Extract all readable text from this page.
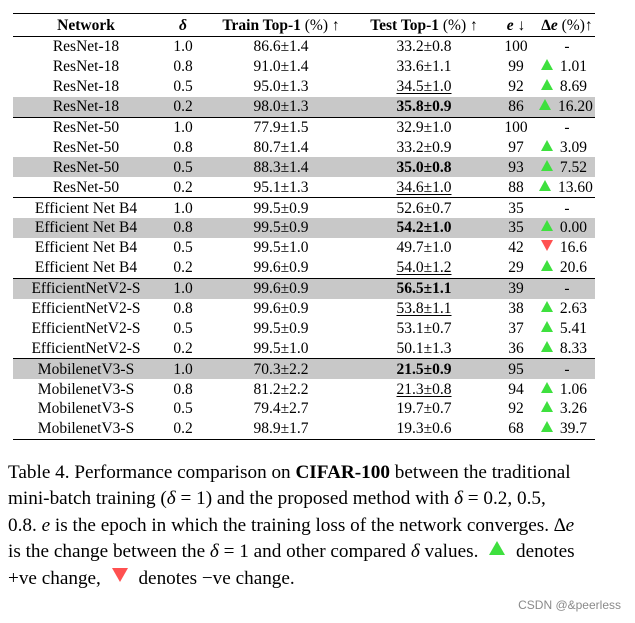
Network	δ	Train Top-1 (%) ↑	Test Top-1 (%) ↑	e ↓	∆e (%)↑
ResNet-18	1.0	86.6±1.4	33.2±0.8	100	-
ResNet-18	0.8	91.0±1.4	33.6±1.1	99	1.01
ResNet-18	0.5	95.0±1.3	34.5±1.0	92	8.69
ResNet-18	0.2	98.0±1.3	35.8±0.9	86	16.20
ResNet-50	1.0	77.9±1.5	32.9±1.0	100	-
ResNet-50	0.8	80.7±1.4	33.2±0.9	97	3.09
ResNet-50	0.5	88.3±1.4	35.0±0.8	93	7.52
ResNet-50	0.2	95.1±1.3	34.6±1.0	88	13.60
Efficient Net B4	1.0	99.5±0.9	52.6±0.7	35	-
Efficient Net B4	0.8	99.5±0.9	54.2±1.0	35	0.00
Efficient Net B4	0.5	99.5±1.0	49.7±1.0	42	16.6
Efficient Net B4	0.2	99.6±0.9	54.0±1.2	29	20.6
EfficientNetV2-S	1.0	99.6±0.9	56.5±1.1	39	-
EfficientNetV2-S	0.8	99.6±0.9	53.8±1.1	38	2.63
EfficientNetV2-S	0.5	99.5±0.9	53.1±0.7	37	5.41
EfficientNetV2-S	0.2	99.5±1.0	50.1±1.3	36	8.33
MobilenetV3-S	1.0	70.3±2.2	21.5±0.9	95	-
MobilenetV3-S	0.8	81.2±2.2	21.3±0.8	94	1.06
MobilenetV3-S	0.5	79.4±2.7	19.7±0.7	92	3.26
MobilenetV3-S	0.2	98.9±1.7	19.3±0.6	68	39.7
Table 4. Performance comparison on CIFAR-100 between the traditional mini-batch training (δ = 1) and the proposed method with δ = 0.2, 0.5, 0.8. e is the epoch in which the training loss of the network converges. ∆e is the change between the δ = 1 and other compared δ values. denotes +ve change, denotes −ve change.
CSDN @&peerless
